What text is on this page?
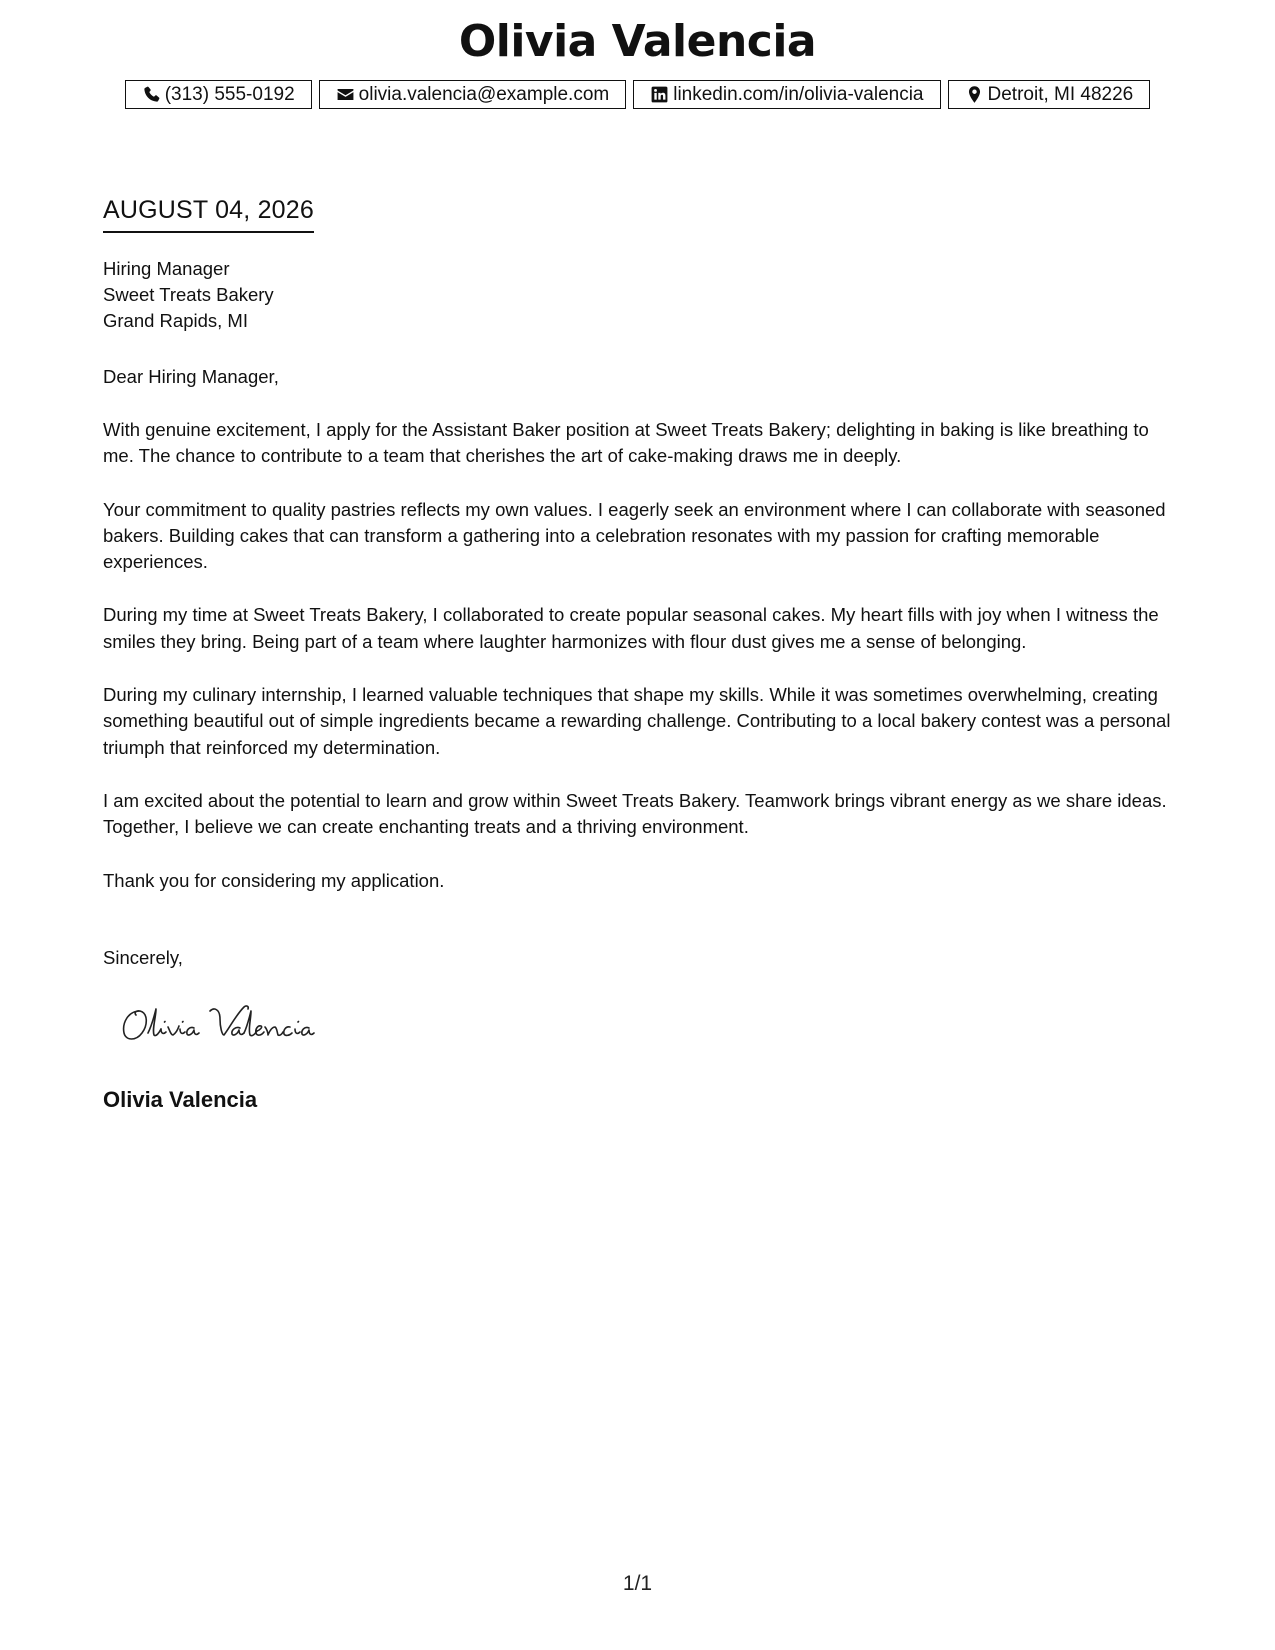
Olivia Valencia
(313) 555-0192	olivia.valencia@example.com	linkedin.com/in/olivia-valencia	Detroit, MI 48226
AUGUST 04, 2026
Hiring Manager
Sweet Treats Bakery
Grand Rapids, MI
Dear Hiring Manager,

With genuine excitement, I apply for the Assistant Baker position at Sweet Treats Bakery; delighting in baking is like breathing to me. The chance to contribute to a team that cherishes the art of cake-making draws me in deeply.

Your commitment to quality pastries reflects my own values. I eagerly seek an environment where I can collaborate with seasoned bakers. Building cakes that can transform a gathering into a celebration resonates with my passion for crafting memorable experiences.

During my time at Sweet Treats Bakery, I collaborated to create popular seasonal cakes. My heart fills with joy when I witness the smiles they bring. Being part of a team where laughter harmonizes with flour dust gives me a sense of belonging.

During my culinary internship, I learned valuable techniques that shape my skills. While it was sometimes overwhelming, creating something beautiful out of simple ingredients became a rewarding challenge. Contributing to a local bakery contest was a personal triumph that reinforced my determination.

I am excited about the potential to learn and grow within Sweet Treats Bakery. Teamwork brings vibrant energy as we share ideas. Together, I believe we can create enchanting treats and a thriving environment.

Thank you for considering my application.

Sincerely,
Olivia Valencia
Olivia Valencia
1/1
